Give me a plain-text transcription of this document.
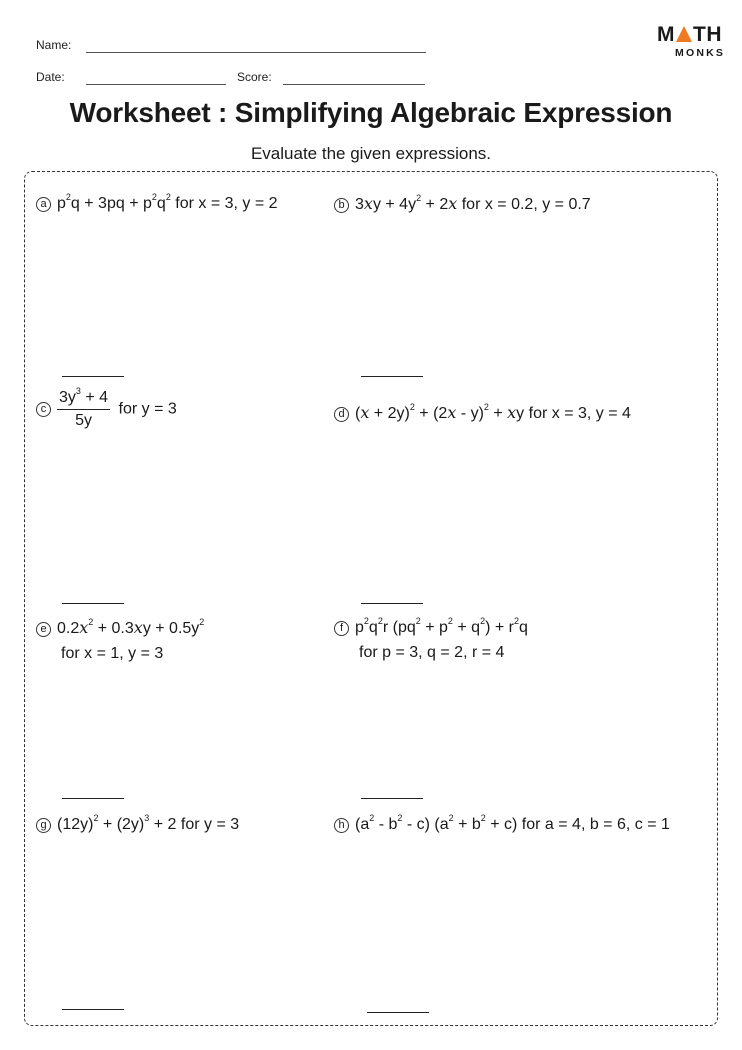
Name:
Date:	Score:
M TH
MONKS
Worksheet : Simplifying Algebraic Expression
Evaluate the given expressions.
a $p^2q + 3pq + p^2q^2$ for x = 3, y = 2	b $3xy + 4y^2 + 2x$ for x = 0.2, y = 0.7
c $\frac{3y^3 + 4}{5y}$ for y = 3	d $(x + 2y)^2 + (2x - y)^2$ + xy for x = 3, y = 4
e $0.2x^2 + 0.3xy + 0.5y^2$
for x = 1, y = 3
f $p^2q^2r$ $(pq^2 + p^2 + q^2) + r^2q$
for p = 3, q = 2, r = 4
g $(12y)^2 + (2y)^3 + 2$ for y = 3	h $(a^2 - b^2 - c) (a^2 + b^2 + c)$ for a = 4, b = 6, c = 1
